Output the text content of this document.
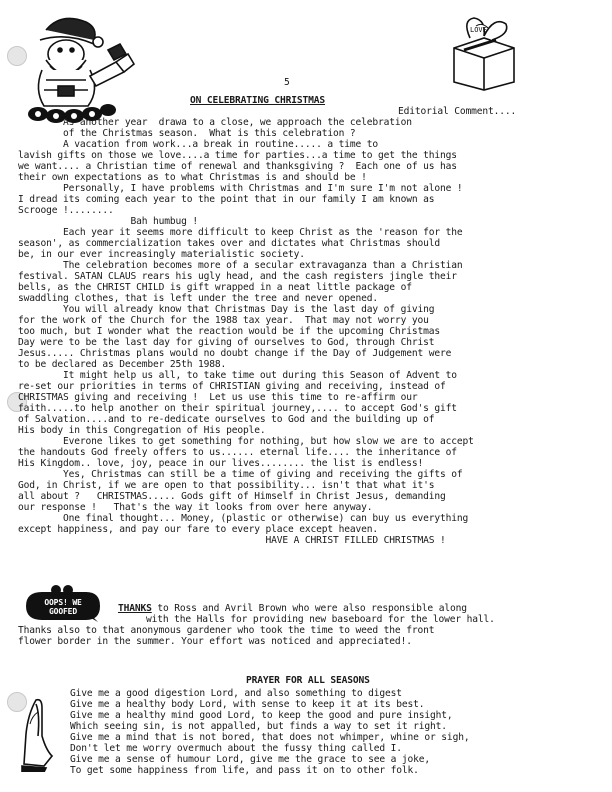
LOVE
5
ON CELEBRATING CHRISTMAS
Editorial Comment....
As another year  drawa to a close, we approach the celebration
of the Christmas season.  What is this celebration ?
A vacation from work...a break in routine..... a time to
lavish gifts on those we love....a time for parties...a time to get the things
we want.... a Christian time of renewal and thanksgiving ?  Each one of us has
their own expectations as to what Christmas is and should be !
Personally, I have problems with Christmas and I'm sure I'm not alone !
I dread its coming each year to the point that in our family I am known as
Scrooge !........
Bah humbug !
Each year it seems more difficult to keep Christ as the 'reason for the
season', as commercialization takes over and dictates what Christmas should
be, in our ever increasingly materialistic society.
The celebration becomes more of a secular extravaganza than a Christian
festival. SATAN CLAUS rears his ugly head, and the cash registers jingle their
bells, as the CHRIST CHILD is gift wrapped in a neat little package of
swaddling clothes, that is left under the tree and never opened.
You will already know that Christmas Day is the last day of giving
for the work of the Church for the 1988 tax year.  That may not worry you
too much, but I wonder what the reaction would be if the upcoming Christmas
Day were to be the last day for giving of ourselves to God, through Christ
Jesus..... Christmas plans would no doubt change if the Day of Judgement were
to be declared as December 25th 1988.
It might help us all, to take time out during this Season of Advent to
re-set our priorities in terms of CHRISTIAN giving and receiving, instead of
CHRISTMAS giving and receiving !  Let us use this time to re-affirm our
faith.....to help another on their spiritual journey,.... to accept God's gift
of Salvation....and to re-dedicate ourselves to God and the building up of
His body in this Congregation of His people.
Everone likes to get something for nothing, but how slow we are to accept
the handouts God freely offers to us...... eternal life.... the inheritance of
His Kingdom.. love, joy, peace in our lives........ the list is endless!
Yes, Christmas can still be a time of giving and receiving the gifts of
God, in Christ, if we are open to that possibility... isn't that what it's
all about ?   CHRISTMAS..... Gods gift of Himself in Christ Jesus, demanding
our response !   That's the way it looks from over here anyway.
One final thought... Money, (plastic or otherwise) can buy us everything
except happiness, and pay our fare to every place except heaven.
HAVE A CHRIST FILLED CHRISTMAS !
OOPS! WE GOOFED	THANKS to Ross and Avril Brown who were also responsible along
with the Halls for providing new baseboard for the lower hall.
Thanks also to that anonymous gardener who took the time to weed the front
flower border in the summer. Your effort was noticed and appreciated!.
PRAYER FOR ALL SEASONS
Give me a good digestion Lord, and also something to digest
Give me a healthy body Lord, with sense to keep it at its best.
Give me a healthy mind good Lord, to keep the good and pure insight,
Which seeing sin, is not appalled, but finds a way to set it right.
Give me a mind that is not bored, that does not whimper, whine or sigh,
Don't let me worry overmuch about the fussy thing called I.
Give me a sense of humour Lord, give me the grace to see a joke,
To get some happiness from life, and pass it on to other folk.
